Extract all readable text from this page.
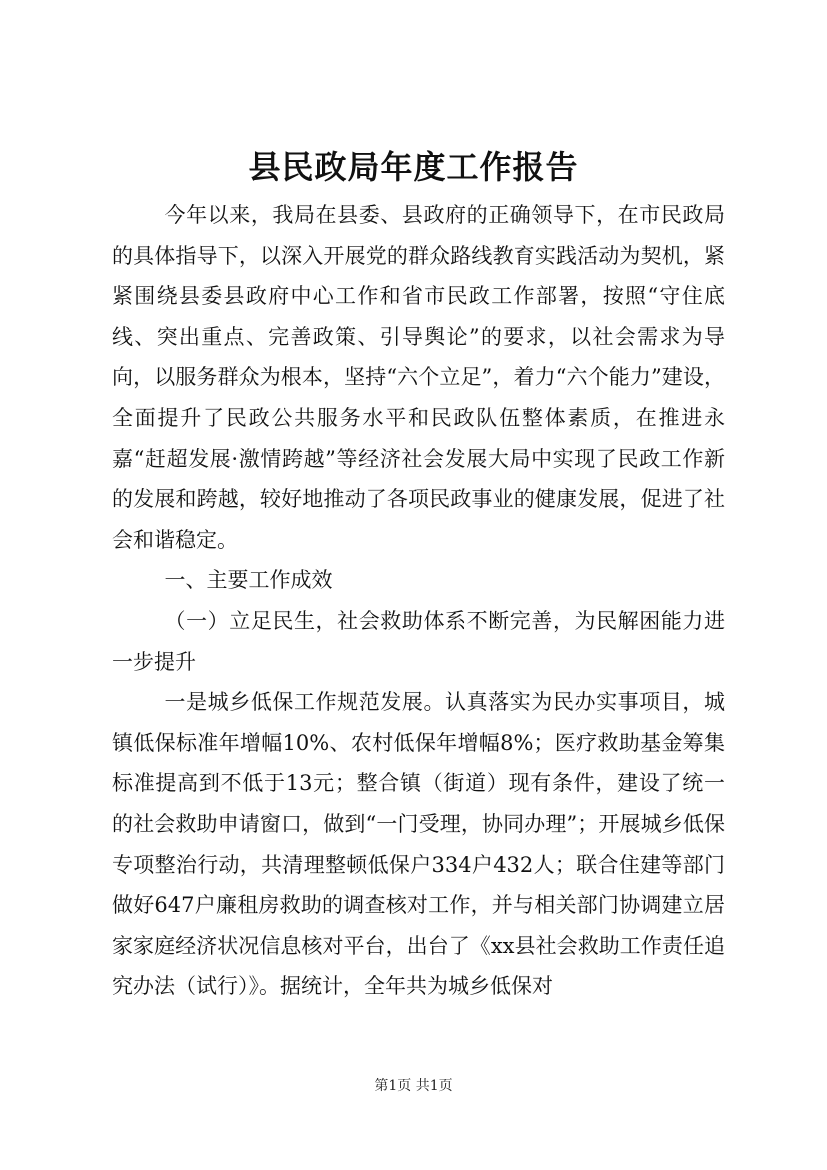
县民政局年度工作报告

今年以来，我局在县委、县政府的正确领导下，在市民政局的具体指导下，以深入开展党的群众路线教育实践活动为契机，紧紧围绕县委县政府中心工作和省市民政工作部署，按照“守住底线、突出重点、完善政策、引导舆论”的要求，以社会需求为导向，以服务群众为根本，坚持“六个立足”，着力“六个能力”建设，全面提升了民政公共服务水平和民政队伍整体素质，在推进永嘉“赶超发展·激情跨越”等经济社会发展大局中实现了民政工作新的发展和跨越，较好地推动了各项民政事业的健康发展，促进了社会和谐稳定。

一、主要工作成效

（一）立足民生，社会救助体系不断完善，为民解困能力进一步提升

一是城乡低保工作规范发展。认真落实为民办实事项目，城镇低保标准年增幅10%、农村低保年增幅8%；医疗救助基金筹集标准提高到不低于13元；整合镇（街道）现有条件，建设了统一的社会救助申请窗口，做到“一门受理，协同办理”；开展城乡低保专项整治行动，共清理整顿低保户334户432人；联合住建等部门做好647户廉租房救助的调查核对工作，并与相关部门协调建立居家家庭经济状况信息核对平台，出台了《xx县社会救助工作责任追究办法（试行）》。据统计，全年共为城乡低保对

第1页 共1页
